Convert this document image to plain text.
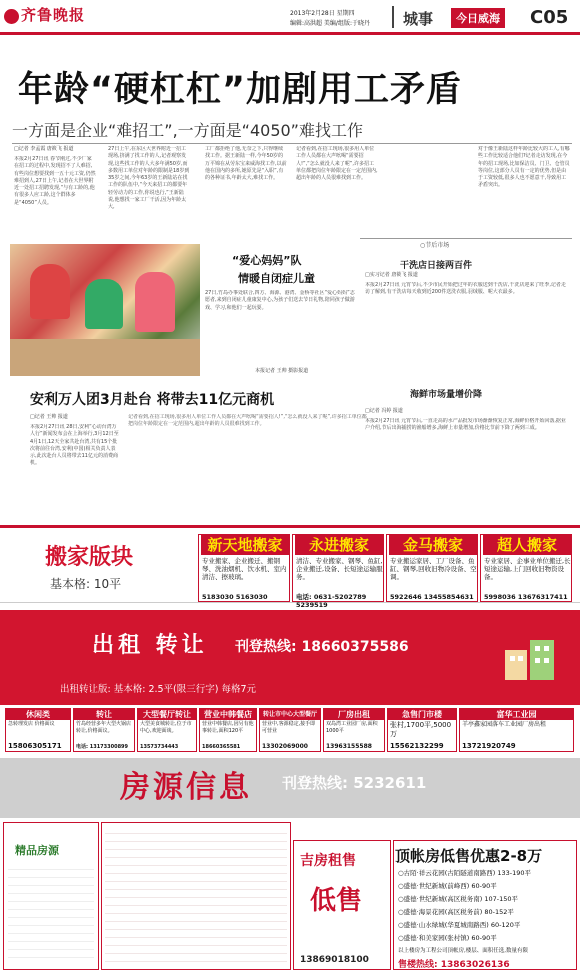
齐鲁晚报	2013年2月28日 星期四
编辑:高洪超 美编/组版:于晓丹 城事	今日威海 C05
年龄“硬杠杠”加剧用工矛盾
一方面是企业“难招工”,一方面是“4050”难找工作
□记者 李孟霞 唐筱飞 报道
本报2月27日讯 春节刚过,不少厂家在招工的过程中,发现招不了人难招,有些岗位想要找到一五十元工资,仍然难招到人,27日上午,记者在大世界附近一处招工招聘发现,“与有工龄的,他有很多人应工龄,这个群体多是“4050”人员。
27日上午,在东区大世界附近一招工现场,挤满了找工作的人,记者观察发现,这些找工作的人大多年满50岁,而多数用工单位对年龄的限制是18岁到35岁之间,今年63岁的王新陆站在找工作的队伍中,“今天来招工的都要年轻劳动力的工作,你说也行,”王新陆说,他想找一家工厂干活,因为年龄太大,
工厂都拒绝了他,无奈之下,只得继续找工作。据王新陆一样,今年50岁的万平锦在从劳东宝来威海找工作,以前他在国内的多所,她原先是“入职”,有的各种证书,年龄太大,难找工作。
记者看到,在招工现场,很多用人单位工作人员都在大声吆喝“需要招人!”,“怎么就没人来了呢”,许多招工单位都把岗位年龄限定在一定范围内,超出年龄的人员很难找到工作。
对于像王新陆这样年龄比较大的工人,有哪些工作比较适合他们?记者走访发现,在今年的招工现场,比如保洁员、门卫、仓管员等岗位,这部分人员有一定的优势,但是由于工资较低,很多人也不愿意干,导致用工矛盾突出。
“爱心妈妈”队
情暖自闭症儿童
27日,竹岛办事处联合,四方、海源、港湾、金桥等社区“爱心妈妈”志愿者,来到自闭症儿童康复中心,为孩子们送去节日礼物,陪同孩子做游戏、学习,和他们一起玩耍。
本报记者 王帅 摄影报道
安利万人团3月赴台 将带去11亿元商机
□记者 王帅 报道
本报2月27日讯 28日,安利“心动台湾万人行”新闻发布会在上海举行,3月12日至4月1日,12天全家共赴台湾,共有15个批次将前往台湾,安利(中国)相关负责人表示,此次赴台人员将带去11亿元的消费商机。
记者看到,在招工现场,很多用人单位工作人员都在大声吆喝“需要招人!”,“怎么就没人来了呢”,许多招工单位都把岗位年龄限定在一定范围内,超出年龄的人员很难找到工作。
○节后市场
干洗店日接两百件
□实习记者 唐筱飞 报道
本报2月27日讯 元宵节后,不少市民开始把过年的衣服送到干洗店,干洗店迎来了旺季,记者走访了解到,有干洗店每天收到近200件送洗衣服,羽绒服、呢大衣最多。
海鲜市场量增价降
□记者 冯婷 报道
本报2月27日讯 元宵节后,一直走高的水产品批发市场渐渐恢复正常,海鲜价格开始回落,据业户介绍,节后出海捕捞的渔船增多,海鲜上市量增加,价格比节前下降了两到三成。
搬家版块
基本格: 10平
新天地搬家
专业搬家、企业搬迁、搬钢琴、洗油烟机、饮水机、室内清洁、擦玻璃。
5183030 5163030
永进搬家
清洁、专业搬家、钢琴、鱼缸,企业搬迁,设备、长短途运输服务。
电话: 0631-5202789 5239519
金马搬家
专业搬运家居、工厂设备、鱼缸、钢琴,回收旧物冷设备、空调。
5922646 13455854631
超人搬家
专业家居、企事业单位搬迁,长短途运输,上门回收旧物资设备。
5998036 13676317411
出租 转让 刊登热线: 18660375586
出租转让版: 基本格: 2.5平(限三行字) 每格7元
休闲类
急转理发店 价格面议
15806305171
转让
竹岛经营多年大型火锅店转让,价格面议。
电话: 13173300899
大型餐厅转让
大型美食城转让,位于市中心,欢迎面谈。
13573734443
营业中韩餐店
营业中韩餐店,因另有他事转让,面积120平
18660365581
转让市中心大型餐厅
营业中,客源稳定,接手即可营业
13302069000
厂房出租
双岛湾工业园厂房,面积1000平
13963155588
急售门市楼
张村,1700平,5000万
15562132299
富华工业园
羊亭鑫家园落车工业园厂房出租
13721920749
房源信息 刊登热线: 5232611
精品房源
吉房租售
低售
13869018100
顶帐房低售优惠2-8万
○古陌·祥云花园(古陌隧道南路西) 133-190平
○盛德·世纪新城(前峰西) 60-90平
○盛德·世纪新城(高区税务南) 107-150平
○盛德·海景花园(高区税务前) 80-152平
○盛德·山水绿城(华夏城南路西) 60-120平
○盛德·和美家园(张村镇) 60-90平
以上楼房为工程公司顶帐房,楼层、面积任选,数量有限
售楼热线: 13863026136
